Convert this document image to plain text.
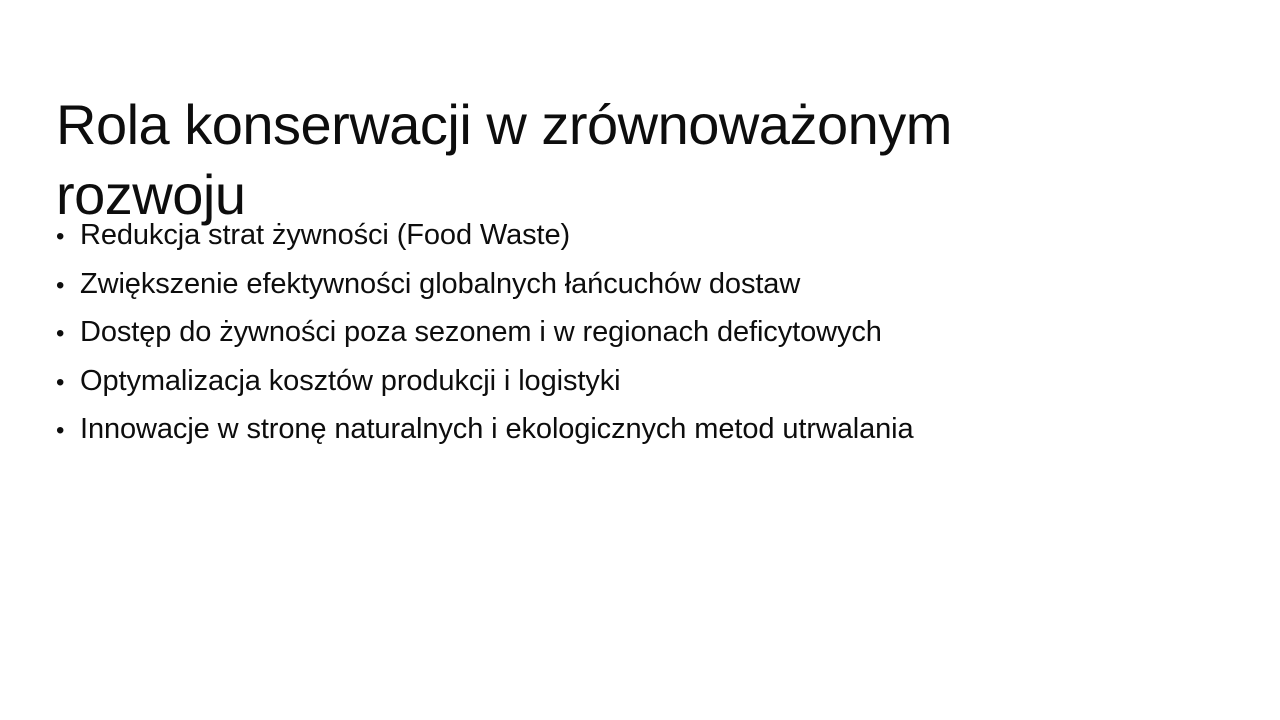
Rola konserwacji w zrównoważonym rozwoju
• Redukcja strat żywności (Food Waste)
• Zwiększenie efektywności globalnych łańcuchów dostaw
• Dostęp do żywności poza sezonem i w regionach deficytowych
• Optymalizacja kosztów produkcji i logistyki
• Innowacje w stronę naturalnych i ekologicznych metod utrwalania
